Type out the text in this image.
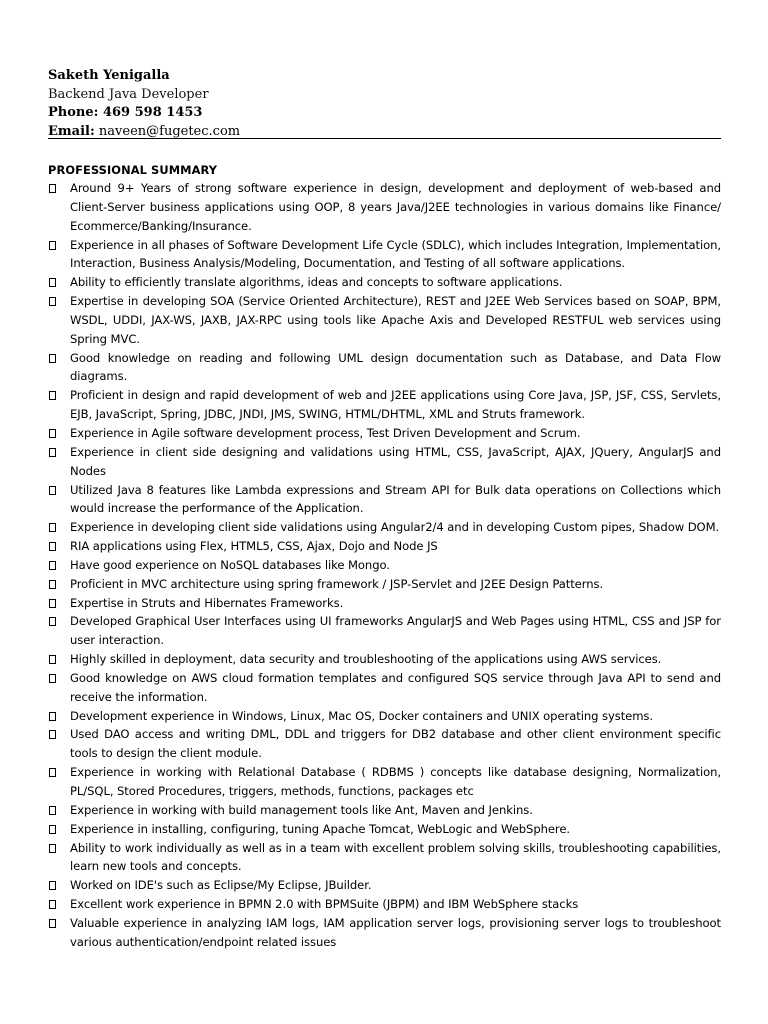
Saketh Yenigalla
Backend Java Developer
Phone: 469 598 1453
Email: naveen@fugetec.com
PROFESSIONAL SUMMARY
Around 9+ Years of strong software experience in design, development and deployment of web-based and Client-Server business applications using OOP, 8 years Java/J2EE technologies in various domains like Finance/ Ecommerce/Banking/Insurance.
Experience in all phases of Software Development Life Cycle (SDLC), which includes Integration, Implementation, Interaction, Business Analysis/Modeling, Documentation, and Testing of all software applications.
Ability to efficiently translate algorithms, ideas and concepts to software applications.
Expertise in developing SOA (Service Oriented Architecture), REST and J2EE Web Services based on SOAP, BPM, WSDL, UDDI, JAX-WS, JAXB, JAX-RPC using tools like Apache Axis and Developed RESTFUL web services using Spring MVC.
Good knowledge on reading and following UML design documentation such as Database, and Data Flow diagrams.
Proficient in design and rapid development of web and J2EE applications using Core Java, JSP, JSF, CSS, Servlets, EJB, JavaScript, Spring, JDBC, JNDI, JMS, SWING, HTML/DHTML, XML and Struts framework.
Experience in Agile software development process, Test Driven Development and Scrum.
Experience in client side designing and validations using HTML, CSS, JavaScript, AJAX, JQuery, AngularJS and Nodes
Utilized Java 8 features like Lambda expressions and Stream API for Bulk data operations on Collections which would increase the performance of the Application.
Experience in developing client side validations using Angular2/4 and in developing Custom pipes, Shadow DOM.
RIA applications using Flex, HTML5, CSS, Ajax, Dojo and Node JS
Have good experience on NoSQL databases like Mongo.
Proficient in MVC architecture using spring framework / JSP-Servlet and J2EE Design Patterns.
Expertise in Struts and Hibernates Frameworks.
Developed Graphical User Interfaces using UI frameworks AngularJS and Web Pages using HTML, CSS and JSP for user interaction.
Highly skilled in deployment, data security and troubleshooting of the applications using AWS services.
Good knowledge on AWS cloud formation templates and configured SQS service through Java API to send and receive the information.
Development experience in Windows, Linux, Mac OS, Docker containers and UNIX operating systems.
Used DAO access and writing DML, DDL and triggers for DB2 database and other client environment specific tools to design the client module.
Experience in working with Relational Database ( RDBMS ) concepts like database designing, Normalization, PL/SQL, Stored Procedures, triggers, methods, functions, packages etc
Experience in working with build management tools like Ant, Maven and Jenkins.
Experience in installing, configuring, tuning Apache Tomcat, WebLogic and WebSphere.
Ability to work individually as well as in a team with excellent problem solving skills, troubleshooting capabilities, learn new tools and concepts.
Worked on IDE's such as Eclipse/My Eclipse, JBuilder.
Excellent work experience in BPMN 2.0 with BPMSuite (JBPM) and IBM WebSphere stacks
Valuable experience in analyzing IAM logs, IAM application server logs, provisioning server logs to troubleshoot various authentication/endpoint related issues
